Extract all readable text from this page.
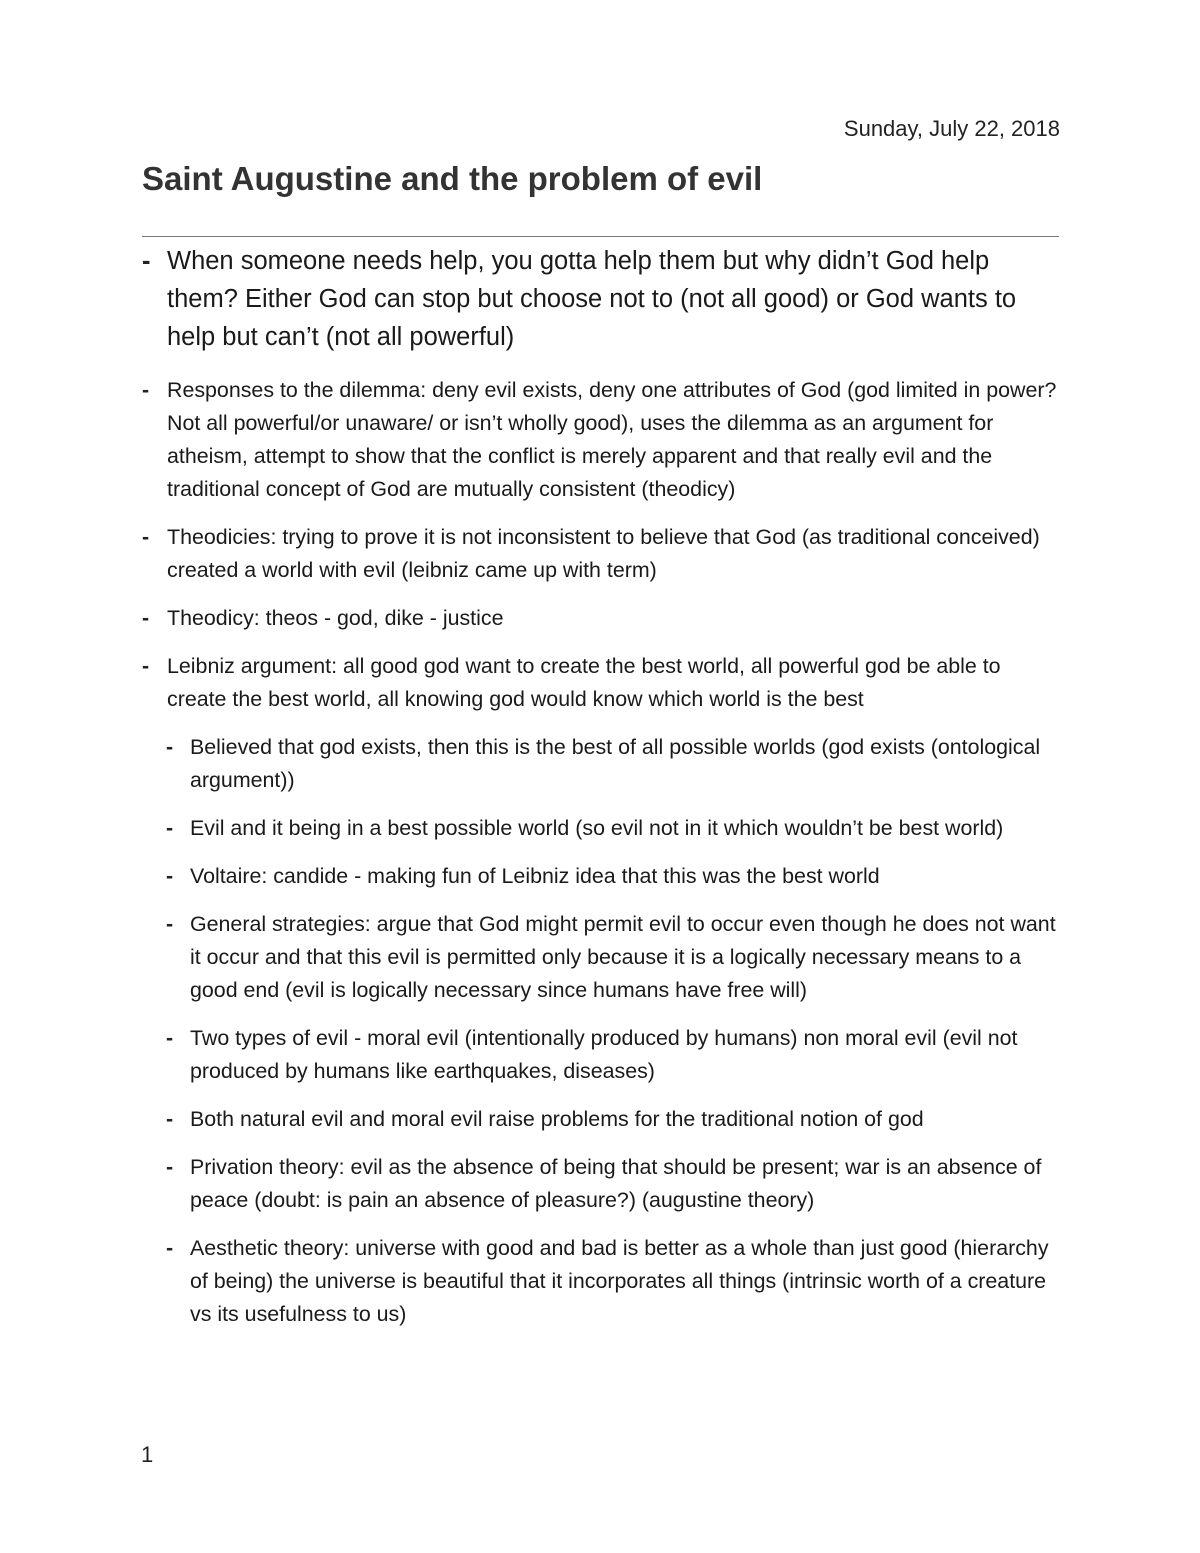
Sunday, July 22, 2018
Saint Augustine and the problem of evil
- When someone needs help, you gotta help them but why didn’t God help them? Either God can stop but choose not to (not all good) or God wants to help but can’t (not all powerful)
- Responses to the dilemma: deny evil exists, deny one attributes of God (god limited in power? Not all powerful/or unaware/ or isn’t wholly good), uses the dilemma as an argument for atheism, attempt to show that the conflict is merely apparent and that really evil and the traditional concept of God are mutually consistent (theodicy)
- Theodicies: trying to prove it is not inconsistent to believe that God (as traditional conceived) created a world with evil (leibniz came up with term)
- Theodicy: theos - god, dike - justice
- Leibniz argument: all good god want to create the best world, all powerful god be able to create the best world, all knowing god would know which world is the best
- Believed that god exists, then this is the best of all possible worlds (god exists (ontological argument))
- Evil and it being in a best possible world (so evil not in it which wouldn’t be best world)
- Voltaire: candide - making fun of Leibniz idea that this was the best world
- General strategies: argue that God might permit evil to occur even though he does not want it occur and that this evil is permitted only because it is a logically necessary means to a good end (evil is logically necessary since humans have free will)
- Two types of evil - moral evil (intentionally produced by humans) non moral evil (evil not produced by humans like earthquakes, diseases)
- Both natural evil and moral evil raise problems for the traditional notion of god
- Privation theory: evil as the absence of being that should be present; war is an absence of peace (doubt: is pain an absence of pleasure?) (augustine theory)
- Aesthetic theory: universe with good and bad is better as a whole than just good (hierarchy of being) the universe is beautiful that it incorporates all things (intrinsic worth of a creature vs its usefulness to us)
1
